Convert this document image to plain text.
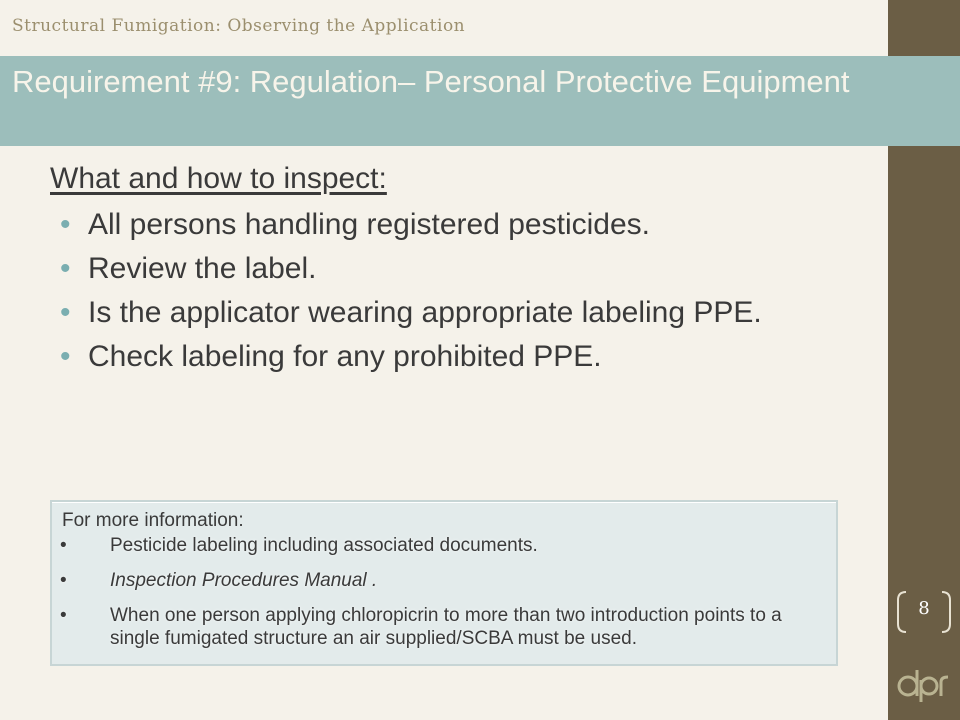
Structural Fumigation: Observing the Application
Requirement #9: Regulation– Personal Protective Equipment
What and how to inspect:
• All persons handling registered pesticides.
• Review the label.
• Is the applicator wearing appropriate labeling PPE.
• Check labeling for any prohibited PPE.
For more information:
• Pesticide labeling including associated documents.
• Inspection Procedures Manual .
• When one person applying chloropicrin to more than two introduction points to a single fumigated structure an air supplied/SCBA must be used.
8
